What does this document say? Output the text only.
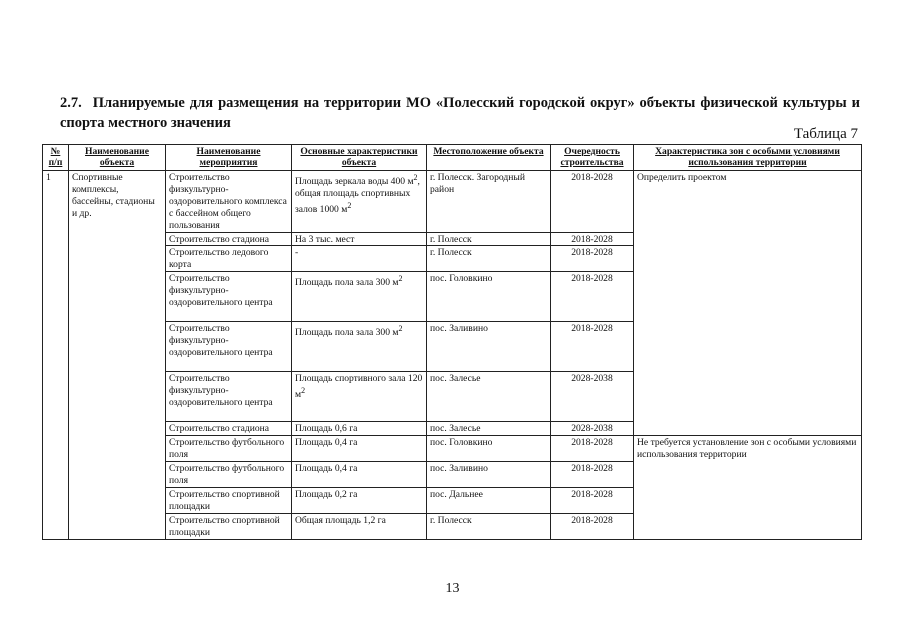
2.7. Планируемые для размещения на территории МО «Полесский городской округ» объекты физической культуры и спорта местного значения
Таблица 7
№ п/п	Наименование объекта	Наименование мероприятия	Основные характеристики объекта	Местоположение объекта	Очередность строительства	Характеристика зон с особыми условиями использования территории
1	Спортивные комплексы, бассейны, стадионы и др.	Строительство физкультурно-оздоровительного комплекса с бассейном общего пользования	Площадь зеркала воды 400 $м^2$, общая площадь спортивных залов 1000 $м^2$	г. Полесск. Загородный район	2018-2028	Определить проектом
		Строительство стадиона	На 3 тыс. мест	г. Полесск	2018-2028	
		Строительство ледового корта	-	г. Полесск	2018-2028	
		Строительство физкультурно-оздоровительного центра	Площадь пола зала 300 $м^2$	пос. Головкино	2018-2028	
		Строительство физкультурно-оздоровительного центра	Площадь пола зала 300 $м^2$	пос. Заливино	2018-2028	
		Строительство физкультурно-оздоровительного центра	Площадь спортивного зала 120 $м^2$	пос. Залесье	2028-2038	
		Строительство стадиона	Площадь 0,6 га	пос. Залесье	2028-2038	
		Строительство футбольного поля	Площадь 0,4 га	пос. Головкино	2018-2028	Не требуется установление зон с особыми условиями использования территории
		Строительство футбольного поля	Площадь 0,4 га	пос. Заливино	2018-2028	
		Строительство спортивной площадки	Площадь 0,2 га	пос. Дальнее	2018-2028	
		Строительство спортивной площадки	Общая площадь 1,2 га	г. Полесск	2018-2028	
13
